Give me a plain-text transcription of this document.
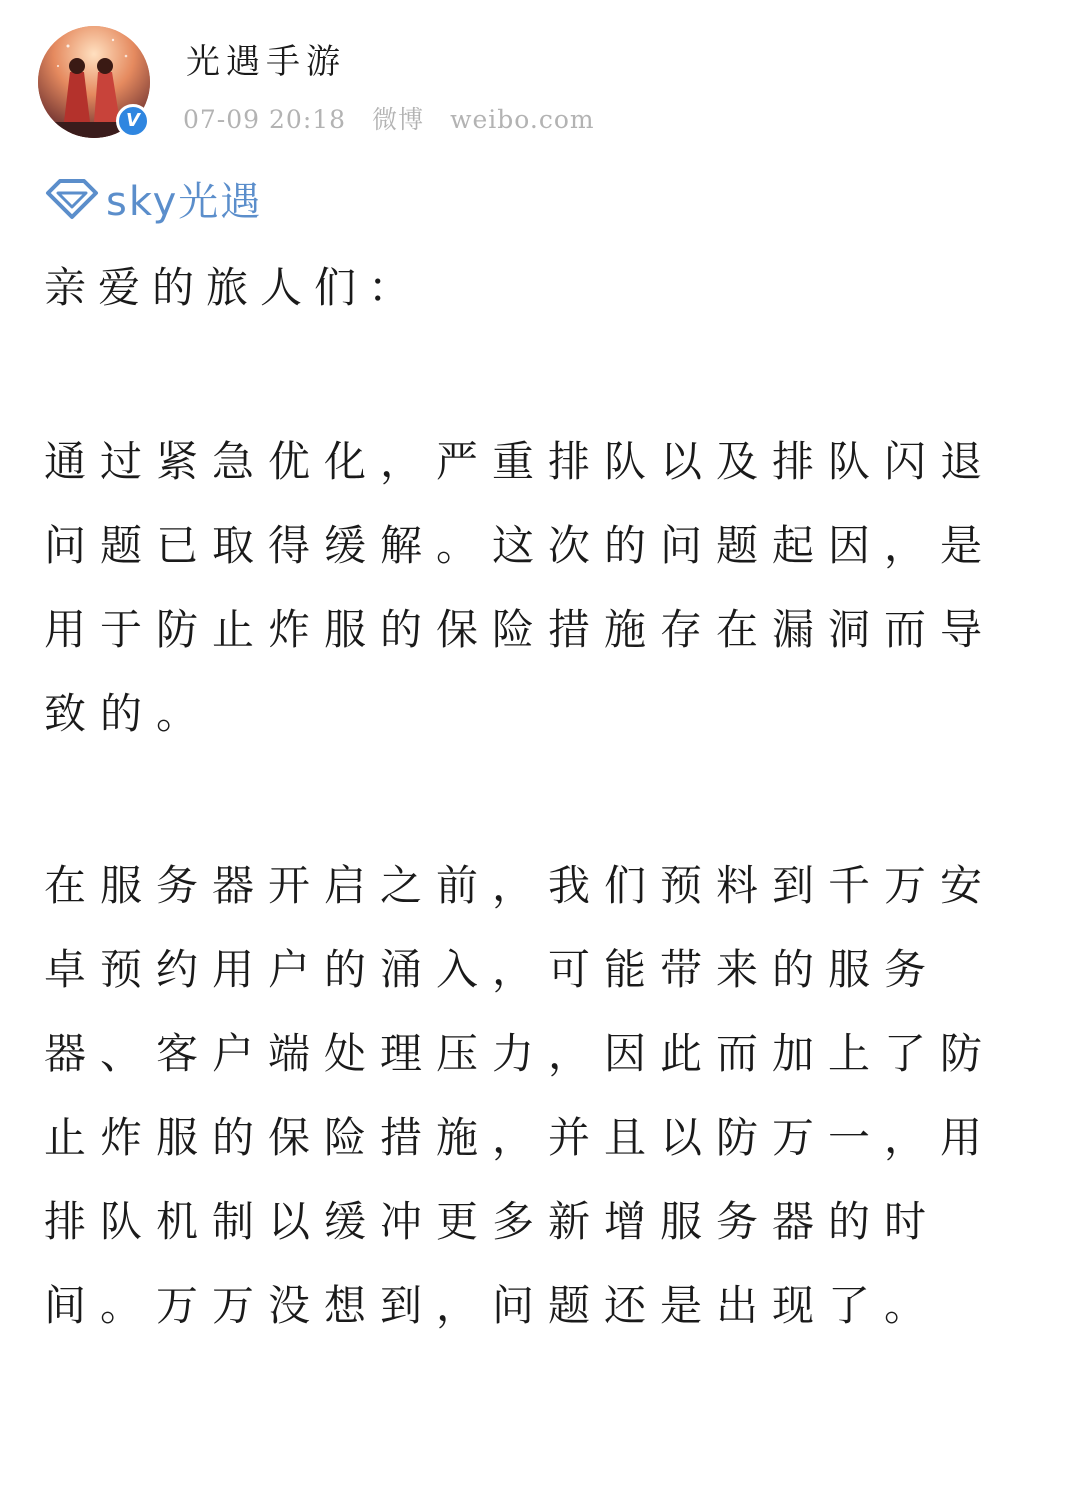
V
光遇手游
07-09 20:18 微博 weibo.com
sky光遇

亲爱的旅人们：

通过紧急优化，严重排队以及排队闪退问题已取得缓解。这次的问题起因，是用于防止炸服的保险措施存在漏洞而导致的。

在服务器开启之前，我们预料到千万安卓预约用户的涌入，可能带来的服务器、客户端处理压力，因此而加上了防止炸服的保险措施，并且以防万一，用排队机制以缓冲更多新增服务器的时间。万万没想到，问题还是出现了。
